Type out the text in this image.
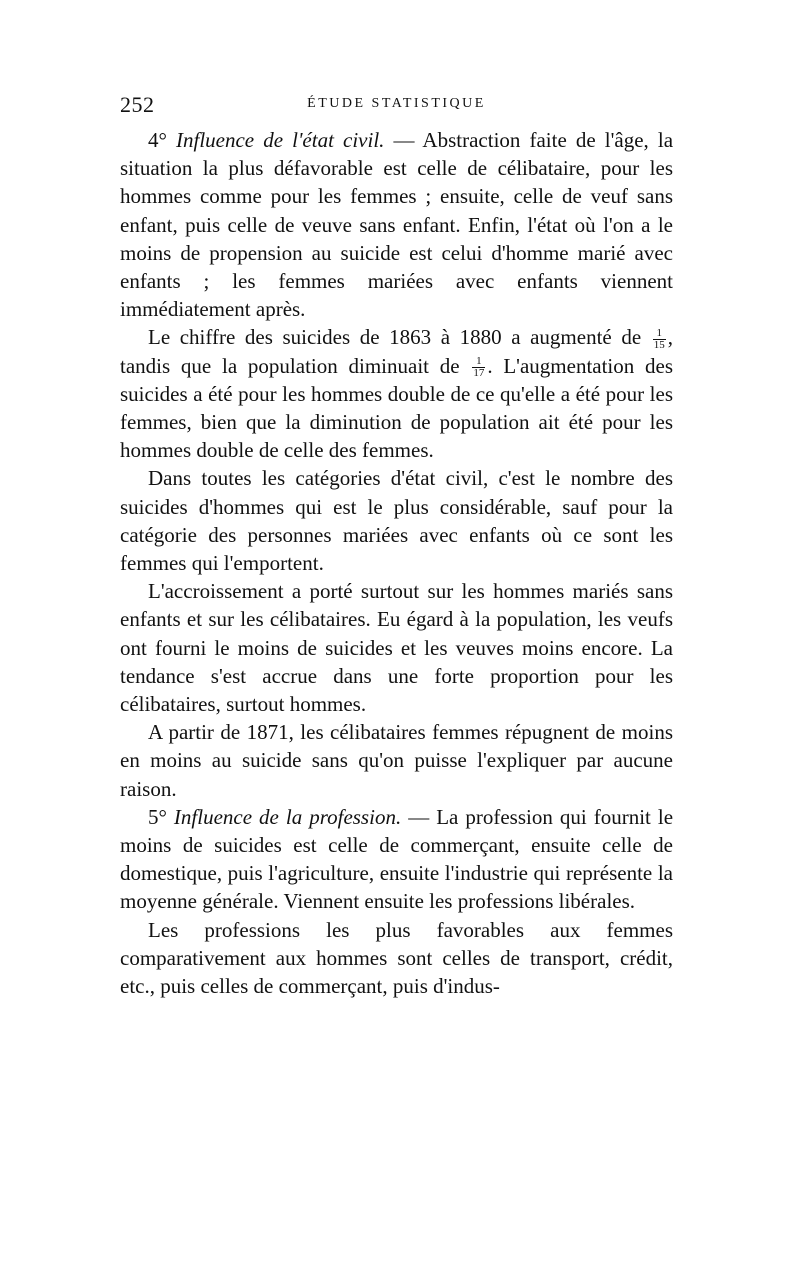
252	ÉTUDE STATISTIQUE

4° Influence de l'état civil. — Abstraction faite de l'âge, la situation la plus défavorable est celle de célibataire, pour les hommes comme pour les femmes ; ensuite, celle de veuf sans enfant, puis celle de veuve sans enfant. Enfin, l'état où l'on a le moins de propension au suicide est celui d'homme marié avec enfants ; les femmes mariées avec enfants viennent immédiatement après.

Le chiffre des suicides de 1863 à 1880 a augmenté de $\frac{1}{15}$ , tandis que la population diminuait de $\frac{1}{17}$ . L'augmentation des suicides a été pour les hommes double de ce qu'elle a été pour les femmes, bien que la diminution de population ait été pour les hommes double de celle des femmes.

Dans toutes les catégories d'état civil, c'est le nombre des suicides d'hommes qui est le plus considérable, sauf pour la catégorie des personnes mariées avec enfants où ce sont les femmes qui l'emportent.

L'accroissement a porté surtout sur les hommes mariés sans enfants et sur les célibataires. Eu égard à la population, les veufs ont fourni le moins de suicides et les veuves moins encore. La tendance s'est accrue dans une forte proportion pour les célibataires, surtout hommes.

A partir de 1871, les célibataires femmes répugnent de moins en moins au suicide sans qu'on puisse l'expliquer par aucune raison.

5° Influence de la profession. — La profession qui fournit le moins de suicides est celle de commerçant, ensuite celle de domestique, puis l'agriculture, ensuite l'industrie qui représente la moyenne générale. Viennent ensuite les professions libérales.

Les professions les plus favorables aux femmes comparativement aux hommes sont celles de transport, crédit, etc., puis celles de commerçant, puis d'indus-
